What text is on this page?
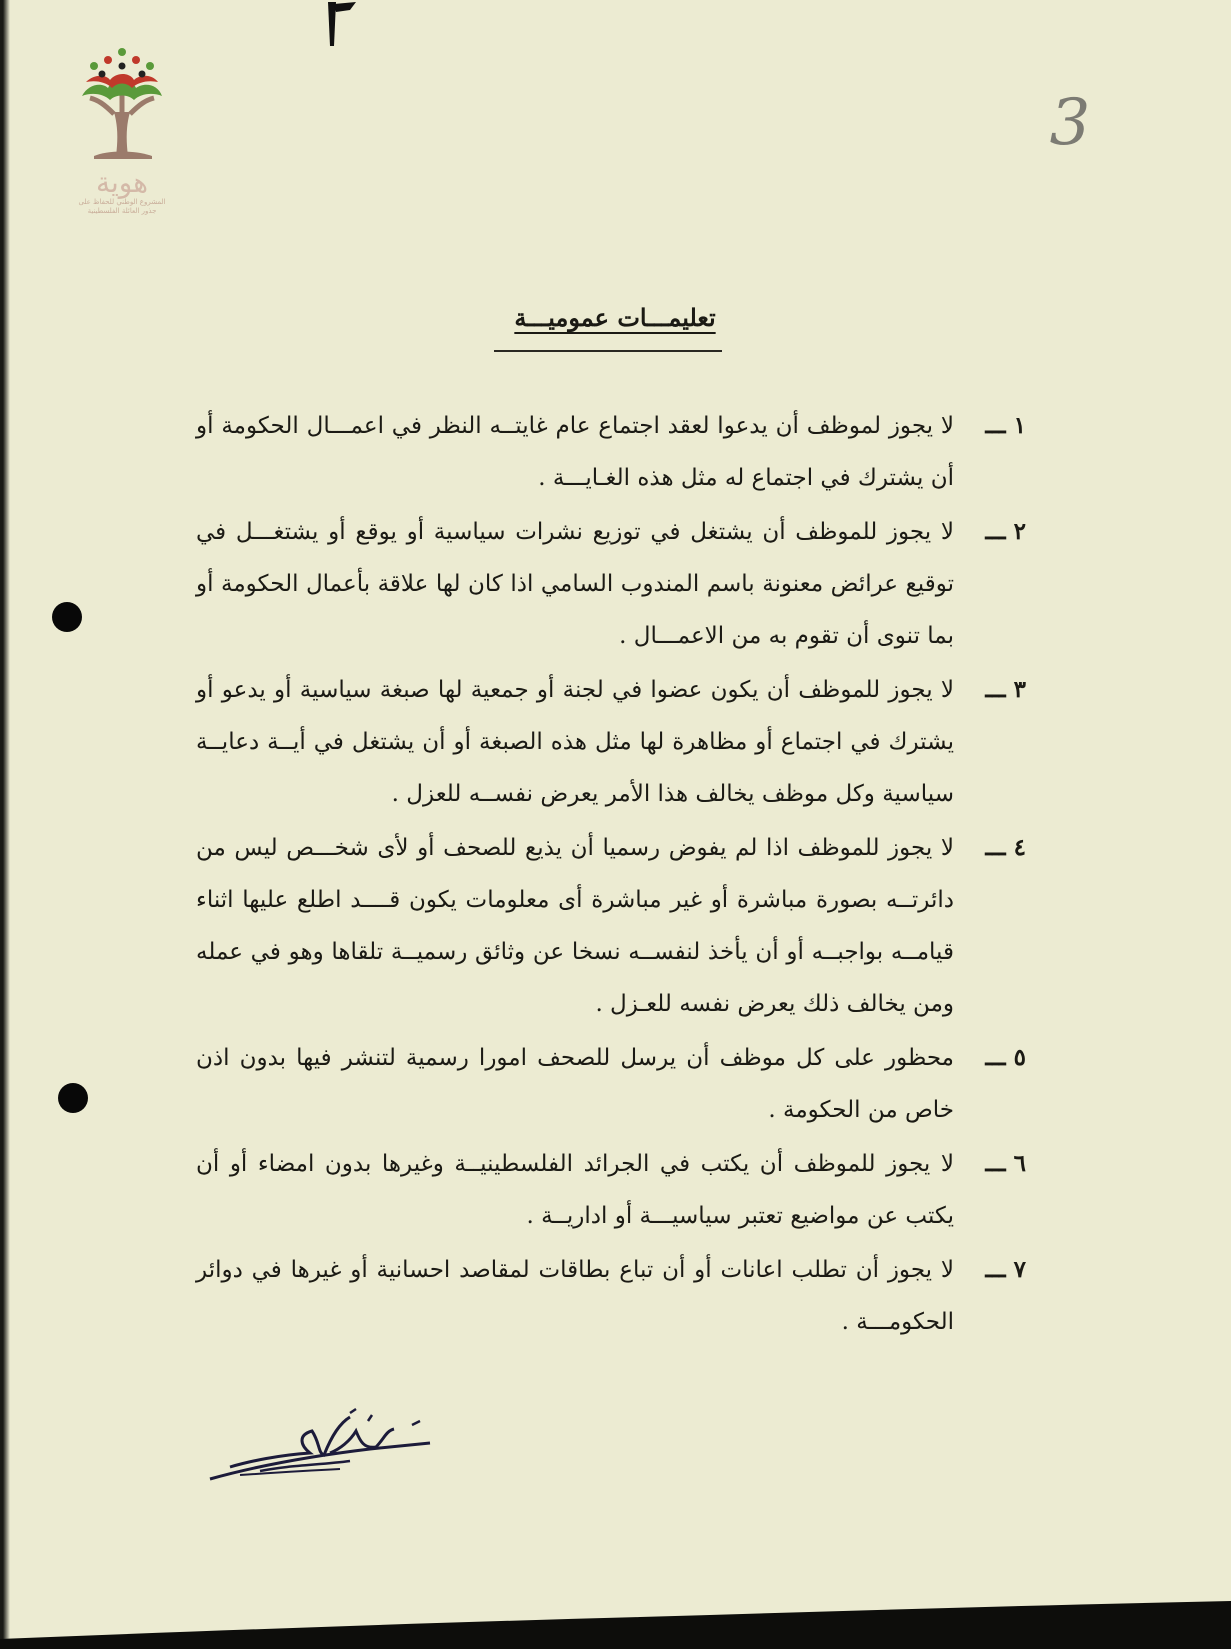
هوية
المشروع الوطني للحفاظ على
جذور العائلة الفلسطينية
3
تعليمـــات عموميـــة
١ ـــ
لا يجوز لموظف أن يدعوا لعقد اجتماع عام غايتــه النظر في اعمـــال الحكومة أو أن يشترك في اجتماع له مثل هذه الغـايـــة .
٢ ـــ
لا يجوز للموظف أن يشتغل في توزيع نشرات سياسية أو يوقع أو يشتغـــل في توقيع عرائض معنونة باسم المندوب السامي اذا كان لها علاقة بأعمال الحكومة أو بما تنوى أن تقوم به من الاعمـــال .
٣ ـــ
لا يجوز للموظف أن يكون عضوا في لجنة أو جمعية لها صبغة سياسية أو يدعو أو يشترك في اجتماع أو مظاهرة لها مثل هذه الصبغة أو أن يشتغل في أيــة دعايــة سياسية وكل موظف يخالف هذا الأمر يعرض نفســه للعزل .
٤ ـــ
لا يجوز للموظف اذا لم يفوض رسميا أن يذيع للصحف أو لأى شخـــص ليس من دائرتــه بصورة مباشرة أو غير مباشرة أى معلومات يكون قــــد اطلع عليها اثناء قيامــه بواجبــه أو أن يأخذ لنفســه نسخا عن وثائق رسميــة تلقاها وهو في عمله ومن يخالف ذلك يعرض نفسه للعـزل .
٥ ـــ
محظور على كل موظف أن يرسل للصحف امورا رسمية لتنشر فيها بدون اذن خاص من الحكومة .
٦ ـــ
لا يجوز للموظف أن يكتب في الجرائد الفلسطينيــة وغيرها بدون امضاء أو أن يكتب عن مواضيع تعتبر سياسيـــة أو اداريــة .
٧ ـــ
لا يجوز أن تطلب اعانات أو أن تباع بطاقات لمقاصد احسانية أو غيرها في دوائر الحكومـــة .
